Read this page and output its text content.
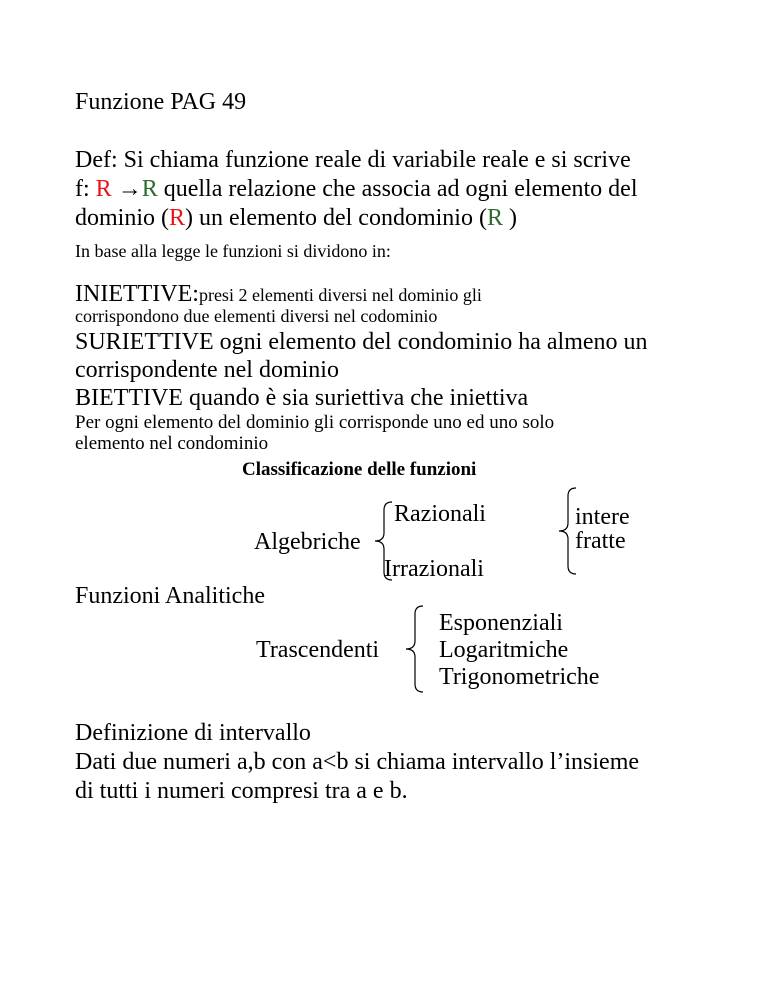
Funzione PAG 49
Def: Si chiama funzione reale di variabile reale e si scrive
f: R →R quella relazione che associa ad ogni elemento del
dominio (R) un elemento del condominio (R )
In base alla legge le funzioni si dividono in:
INIETTIVE:presi 2 elementi diversi nel dominio gli
corrispondono due elementi diversi nel codominio
SURIETTIVE ogni elemento del condominio ha almeno un
corrispondente nel dominio
BIETTIVE quando è sia suriettiva che iniettiva
Per ogni elemento del dominio gli corrisponde uno ed uno solo
elemento nel condominio
Classificazione delle funzioni
Algebriche
Razionali
Irrazionali
intere
fratte
Funzioni Analitiche
Trascendenti
Esponenziali
Logaritmiche
Trigonometriche
Definizione di intervallo
Dati due numeri a,b con a<b si chiama intervallo l’insieme
di tutti i numeri compresi tra a e b.
